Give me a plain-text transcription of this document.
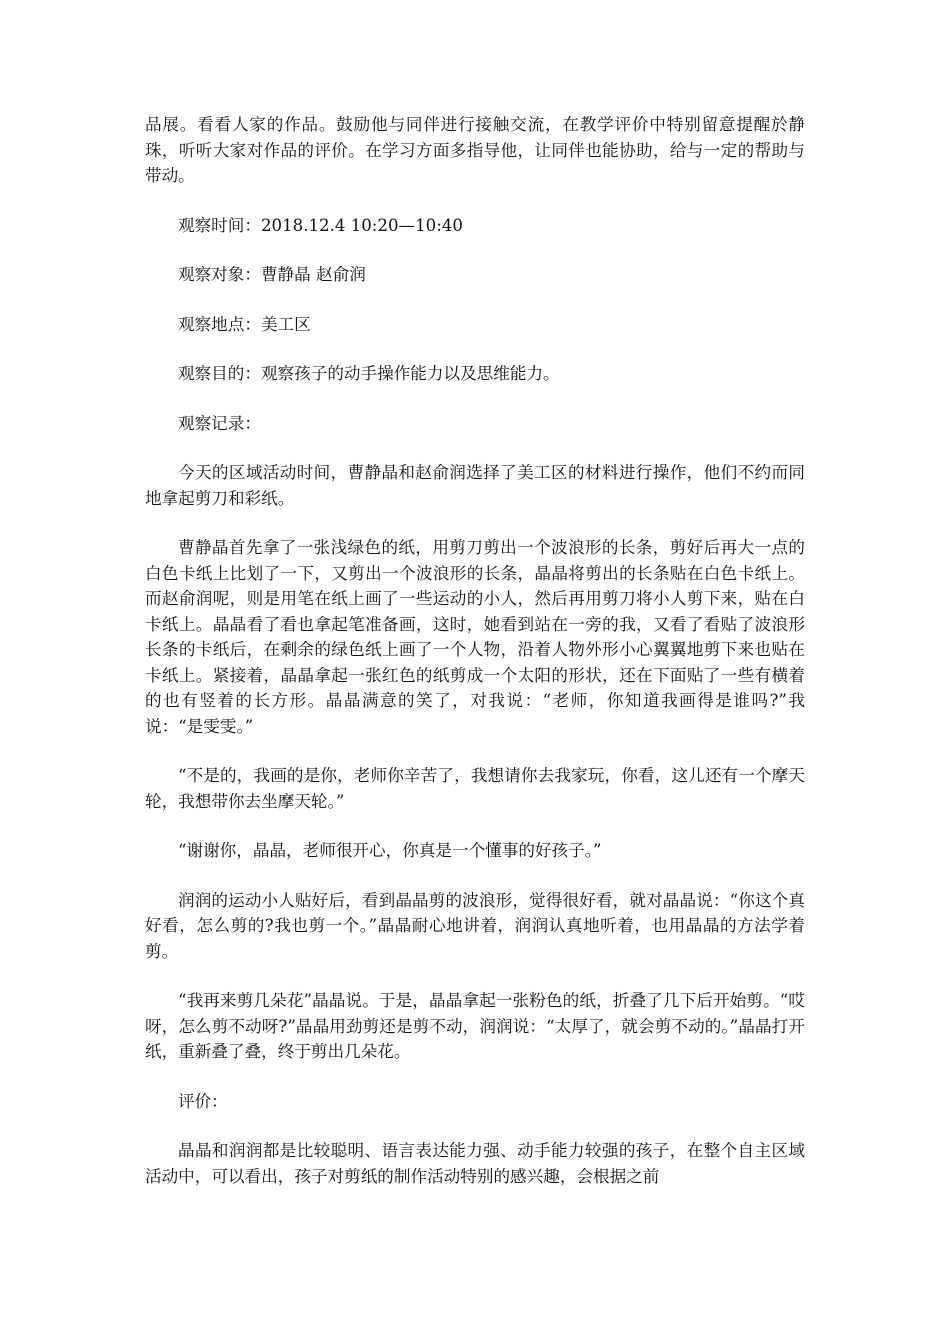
品展。看看人家的作品。鼓励他与同伴进行接触交流，在教学评价中特别留意提醒於静珠，听听大家对作品的评价。在学习方面多指导他，让同伴也能协助，给与一定的帮助与带动。

观察时间：2018.12.4 10:20—10:40

观察对象：曹静晶 赵俞润

观察地点：美工区

观察目的：观察孩子的动手操作能力以及思维能力。

观察记录：

今天的区域活动时间，曹静晶和赵俞润选择了美工区的材料进行操作，他们不约而同地拿起剪刀和彩纸。

曹静晶首先拿了一张浅绿色的纸，用剪刀剪出一个波浪形的长条，剪好后再大一点的白色卡纸上比划了一下，又剪出一个波浪形的长条，晶晶将剪出的长条贴在白色卡纸上。而赵俞润呢，则是用笔在纸上画了一些运动的小人，然后再用剪刀将小人剪下来，贴在白卡纸上。晶晶看了看也拿起笔准备画，这时，她看到站在一旁的我，又看了看贴了波浪形长条的卡纸后，在剩余的绿色纸上画了一个人物，沿着人物外形小心翼翼地剪下来也贴在卡纸上。紧接着，晶晶拿起一张红色的纸剪成一个太阳的形状，还在下面贴了一些有横着的也有竖着的长方形。晶晶满意的笑了，对我说：“老师，你知道我画得是谁吗?”我说：“是雯雯。”

“不是的，我画的是你，老师你辛苦了，我想请你去我家玩，你看，这儿还有一个摩天轮，我想带你去坐摩天轮。”

“谢谢你，晶晶，老师很开心，你真是一个懂事的好孩子。”

润润的运动小人贴好后，看到晶晶剪的波浪形，觉得很好看，就对晶晶说：“你这个真好看，怎么剪的?我也剪一个。”晶晶耐心地讲着，润润认真地听着，也用晶晶的方法学着剪。

“我再来剪几朵花”晶晶说。于是，晶晶拿起一张粉色的纸，折叠了几下后开始剪。“哎呀，怎么剪不动呀?”晶晶用劲剪还是剪不动，润润说：“太厚了，就会剪不动的。”晶晶打开纸，重新叠了叠，终于剪出几朵花。

评价：

晶晶和润润都是比较聪明、语言表达能力强、动手能力较强的孩子，在整个自主区域活动中，可以看出，孩子对剪纸的制作活动特别的感兴趣，会根据之前
